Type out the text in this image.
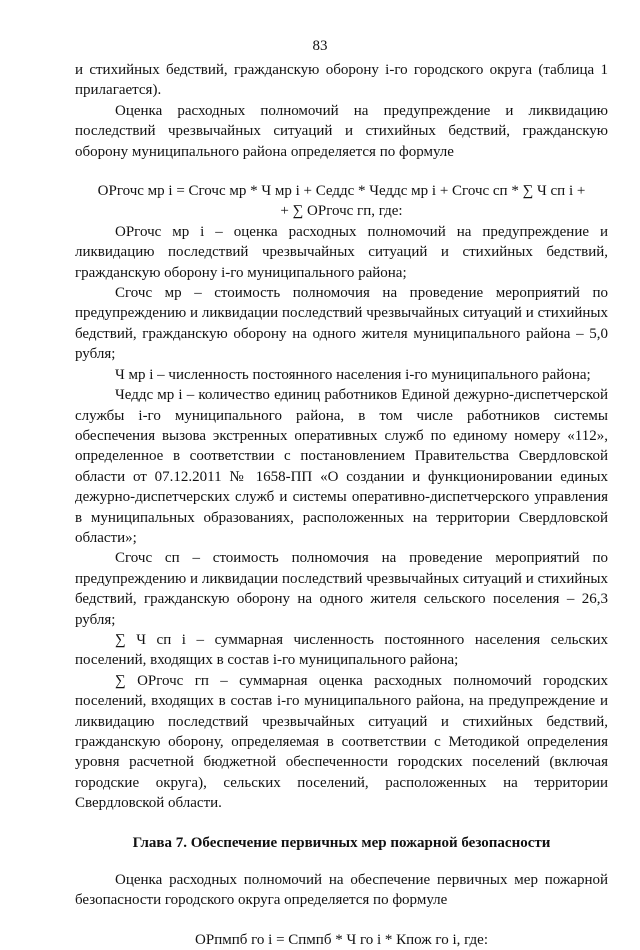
83

и стихийных бедствий, гражданскую оборону i-го городского округа (таблица 1 прилагается).

Оценка расходных полномочий на предупреждение и ликвидацию последствий чрезвычайных ситуаций и стихийных бедствий, гражданскую оборону муниципального района определяется по формуле

ОРгочс мр i = Сгочс мр * Ч мр i + Седдс * Чеддс мр i + Сгочс сп * ∑ Ч сп i +

+ ∑ ОРгочс гп, где:

ОРгочс мр i – оценка расходных полномочий на предупреждение и ликвидацию последствий чрезвычайных ситуаций и стихийных бедствий, гражданскую оборону i-го муниципального района;

Сгочс мр – стоимость полномочия на проведение мероприятий по предупреждению и ликвидации последствий чрезвычайных ситуаций и стихийных бедствий, гражданскую оборону на одного жителя муниципального района – 5,0 рубля;

Ч мр i – численность постоянного населения i-го муниципального района;

Чеддс мр i – количество единиц работников Единой дежурно-диспетчерской службы i-го муниципального района, в том числе работников системы обеспечения вызова экстренных оперативных служб по единому номеру «112», определенное в соответствии с постановлением Правительства Свердловской области от 07.12.2011 № 1658-ПП «О создании и функционировании единых дежурно-диспетчерских служб и системы оперативно-диспетчерского управления в муниципальных образованиях, расположенных на территории Свердловской области»;

Сгочс сп – стоимость полномочия на проведение мероприятий по предупреждению и ликвидации последствий чрезвычайных ситуаций и стихийных бедствий, гражданскую оборону на одного жителя сельского поселения – 26,3 рубля;

∑ Ч сп i – суммарная численность постоянного населения сельских поселений, входящих в состав i-го муниципального района;

∑ ОРгочс гп – суммарная оценка расходных полномочий городских поселений, входящих в состав i-го муниципального района, на предупреждение и ликвидацию последствий чрезвычайных ситуаций и стихийных бедствий, гражданскую оборону, определяемая в соответствии с Методикой определения уровня расчетной бюджетной обеспеченности городских поселений (включая городские округа), сельских поселений, расположенных на территории Свердловской области.

Глава 7. Обеспечение первичных мер пожарной безопасности

Оценка расходных полномочий на обеспечение первичных мер пожарной безопасности городского округа определяется по формуле

ОРпмпб го i = Спмпб * Ч го i * Кпож го i, где:
